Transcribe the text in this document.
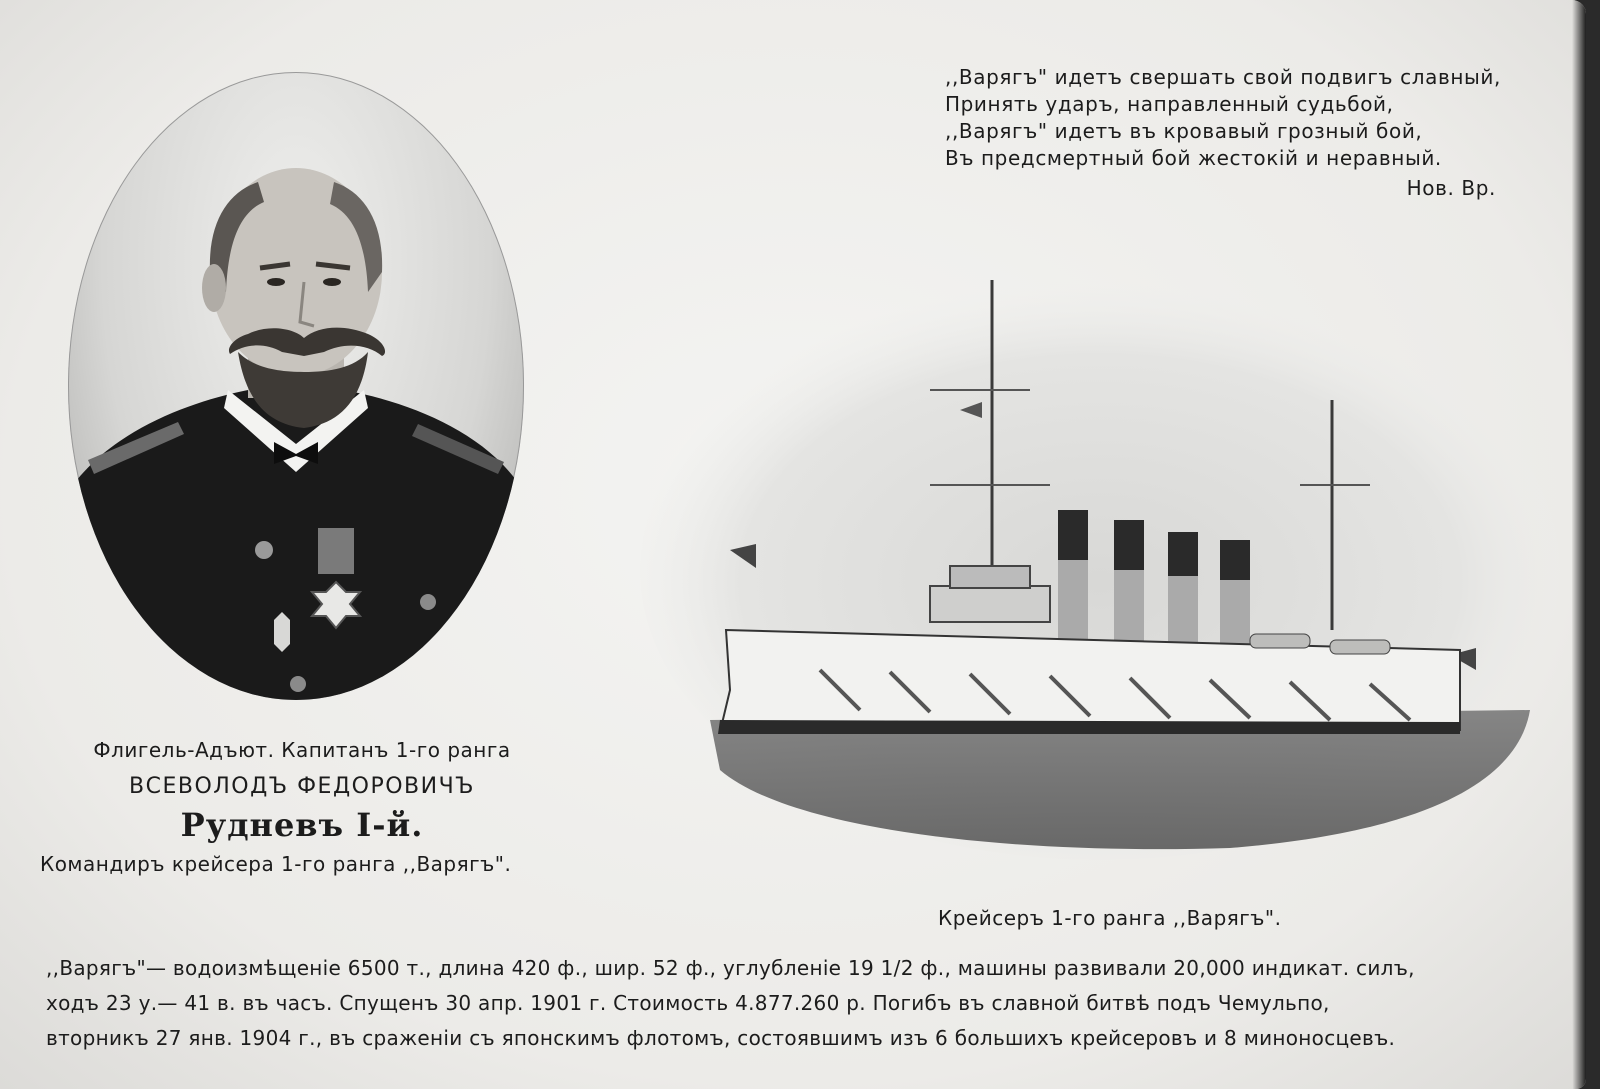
,,Варягъ" идетъ свершать свой подвигъ славный,
Принять ударъ, направленный судьбой,
,,Варягъ" идетъ въ кровавый грозный бой,
Въ предсмертный бой жестокій и неравный.
Нов. Вр.
Флигель-Адъют. Капитанъ 1-го ранга
ВСЕВОЛОДЪ ФЕДОРОВИЧЪ
Рудневъ I-й.
Командиръ крейсера 1-го ранга ,,Варягъ".
Крейсеръ 1-го ранга ,,Варягъ".
,,Варягъ"— водоизмѣщеніе 6500 т., длина 420 ф., шир. 52 ф., углубленіе 19 1/2 ф., машины развивали 20,000 индикат. силъ,
ходъ 23 у.— 41 в. въ часъ. Спущенъ 30 апр. 1901 г. Стоимость 4.877.260 р. Погибъ въ славной битвѣ подъ Чемульпо,
вторникъ 27 янв. 1904 г., въ сраженіи съ японскимъ флотомъ, состоявшимъ изъ 6 большихъ крейсеровъ и 8 миноносцевъ.
